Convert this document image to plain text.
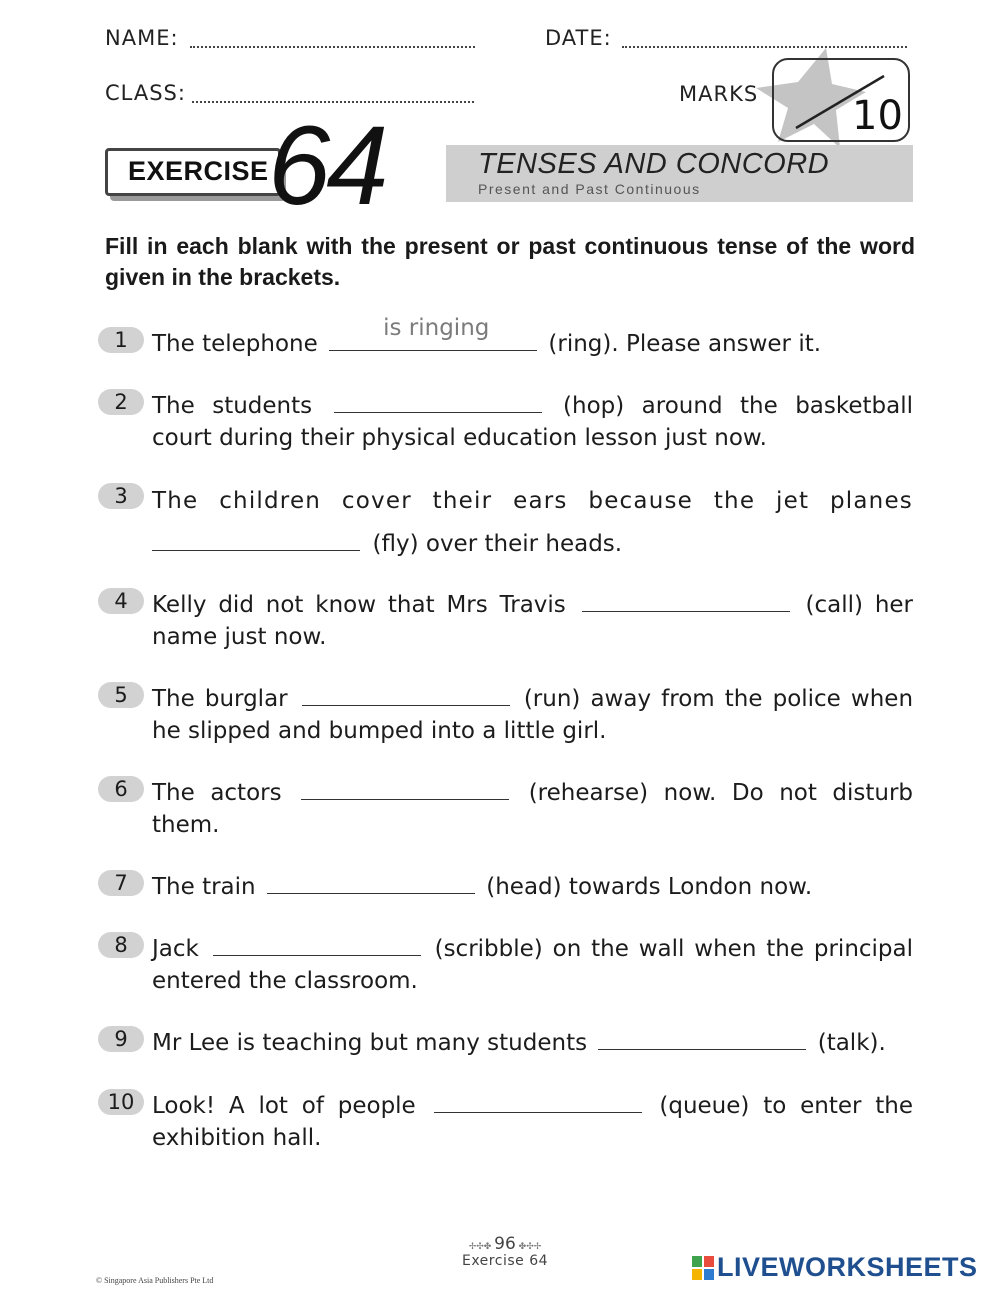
NAME:	DATE:
CLASS:	MARKS 10
EXERCISE 64	TENSES AND CONCORD
Present and Past Continuous
Fill in each blank with the present or past continuous tense of the word given in the brackets.
1	The telephone
is ringing
(ring). Please answer it.
2	The students	(hop) around the basketball court during their physical education lesson just now.
3	The children cover their ears because the jet planes  (fly) over their heads.
4	Kelly did not know that Mrs Travis	(call) her name just now.
5	The burglar	(run) away from the police when he slipped and bumped into a little girl.
6	The actors	(rehearse) now. Do not disturb them.
7	The train	(head) towards London now.
8	Jack	(scribble) on the wall when the principal entered the classroom.
9	Mr Lee is teaching but many students	(talk).
10 Look! A lot of people	(queue) to enter the exhibition hall.
✢✣✤ 96 ✤✣✢
Exercise 64
© Singapore Asia Publishers Pte Ltd	LIVEWORKSHEETS
